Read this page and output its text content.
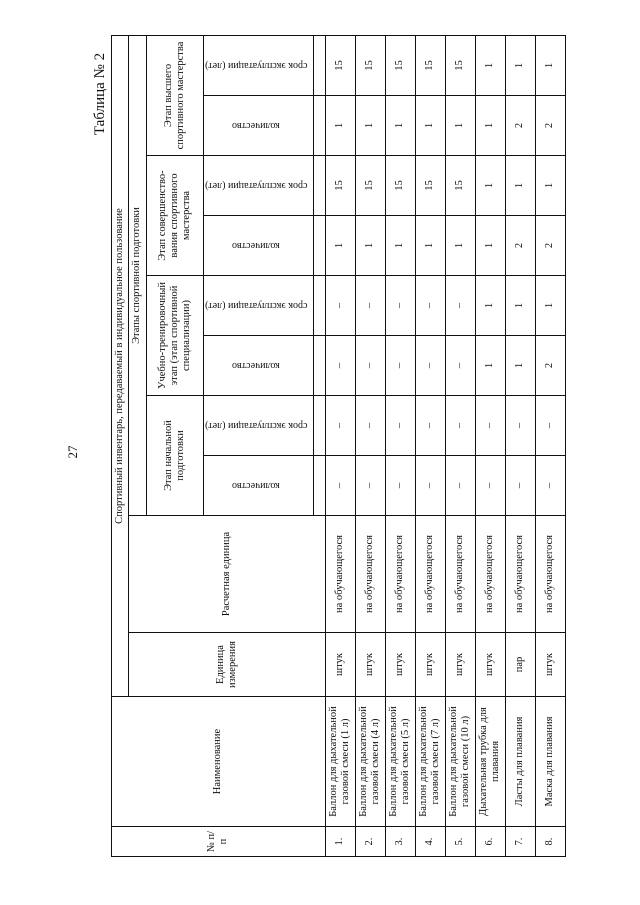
27
Таблица № 2
№ п/п	Наименование	Спортивный инвентарь, передаваемый в индивидуальное пользование									
		Единица измерения	Расчетная единица	Этапы спортивной подготовки							
				Этап начальной подготовки		Учебно-тренировочный этап (этап спортивной специализации)		Этап совершенство-вания спортивного мастерства		Этап высшего спортивного мастерства	
				количество	срок эксплуатации (лет)	количество	срок эксплуатации (лет)	количество	срок эксплуатации (лет)	количество	срок эксплуатации (лет)

1.	Баллон для дыхательной газовой смеси (1 л)	штук	на обучающегося	–	–	–	–	1	15	1	15
2.	Баллон для дыхательной газовой смеси (4 л)	штук	на обучающегося	–	–	–	–	1	15	1	15
3.	Баллон для дыхательной газовой смеси (5 л)	штук	на обучающегося	–	–	–	–	1	15	1	15
4.	Баллон для дыхательной газовой смеси (7 л)	штук	на обучающегося	–	–	–	–	1	15	1	15
5.	Баллон для дыхательной газовой смеси (10 л)	штук	на обучающегося	–	–	–	–	1	15	1	15
6.	Дыхательная трубка для плавания	штук	на обучающегося	–	–	1	1	1	1	1	1
7.	Ласты для плавания	пар	на обучающегося	–	–	1	1	2	1	2	1
8.	Маска для плавания	штук	на обучающегося	–	–	2	1	2	1	2	1
